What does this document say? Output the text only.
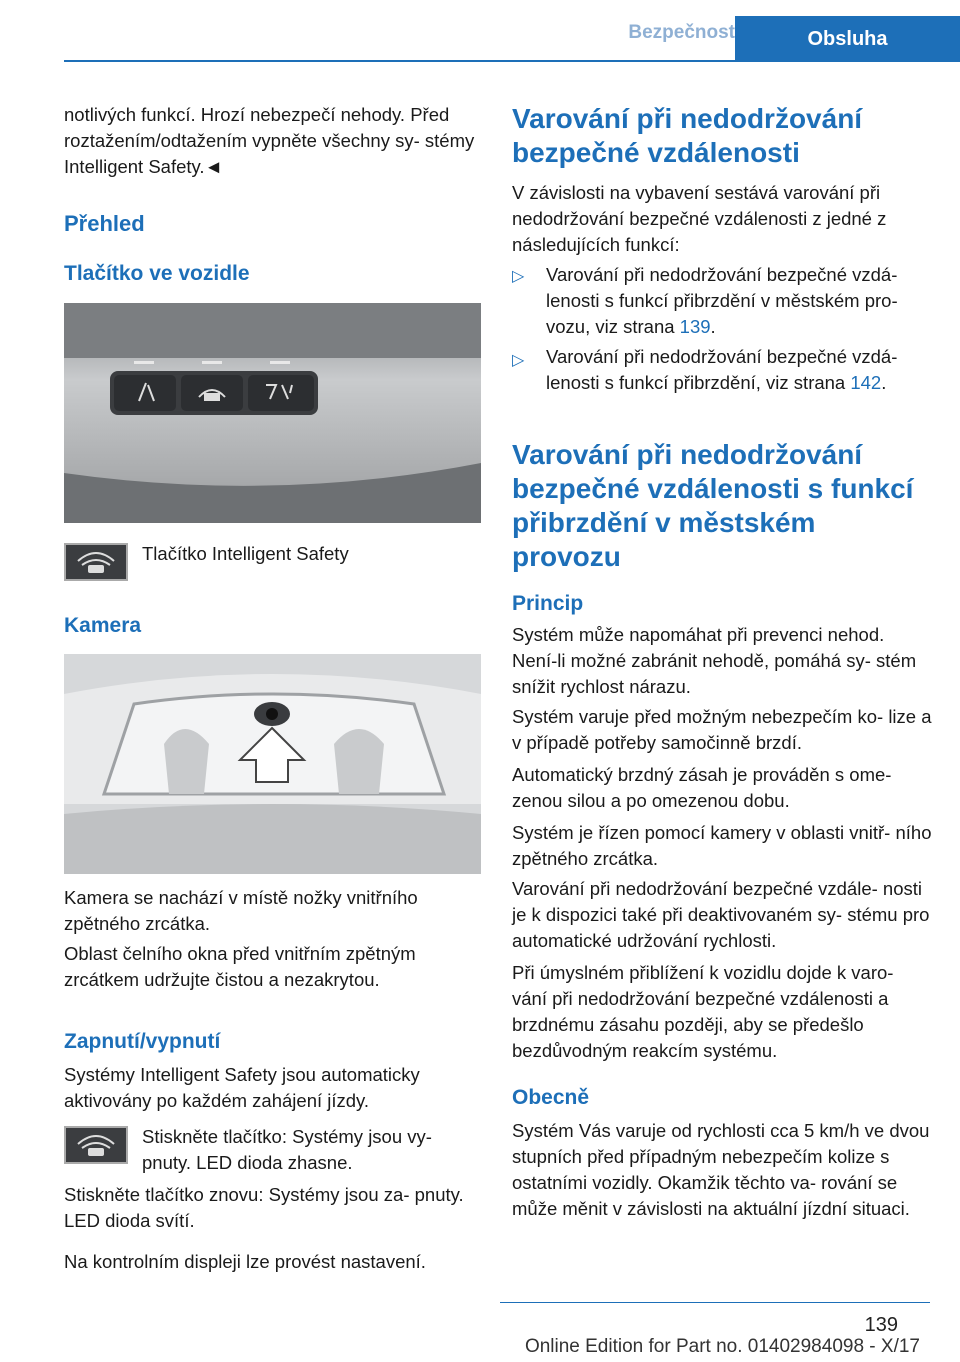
Bezpečnost	Obsluha

notlivých funkcí. Hrozí nebezpečí nehody. Před roztažením/odtažením vypněte všechny sy- stémy Intelligent Safety.◄

Přehled
Tlačítko ve vozidle

Tlačítko Intelligent Safety

Kamera

Kamera se nachází v místě nožky vnitřního zpětného zrcátka.

Oblast čelního okna před vnitřním zpětným zrcátkem udržujte čistou a nezakrytou.

Zapnutí/vypnutí

Systémy Intelligent Safety jsou automaticky aktivovány po každém zahájení jízdy.

Stiskněte tlačítko: Systémy jsou vy- pnuty. LED dioda zhasne.

Stiskněte tlačítko znovu: Systémy jsou za- pnuty. LED dioda svítí.

Na kontrolním displeji lze provést nastavení.

Varování při nedodržování bezpečné vzdálenosti

V závislosti na vybavení sestává varování při nedodržování bezpečné vzdálenosti z jedné z následujících funkcí:

▷ Varování při nedodržování bezpečné vzdá- lenosti s funkcí přibrzdění v městském pro- vozu, viz strana 139.

▷ Varování při nedodržování bezpečné vzdá- lenosti s funkcí přibrzdění, viz strana 142.

Varování při nedodržování bezpečné vzdálenosti s funkcí přibrzdění v městském provozu
Princip

Systém může napomáhat při prevenci nehod. Není-li možné zabránit nehodě, pomáhá sy- stém snížit rychlost nárazu.

Systém varuje před možným nebezpečím ko- lize a v případě potřeby samočinně brzdí.

Automatický brzdný zásah je prováděn s ome- zenou silou a po omezenou dobu.

Systém je řízen pomocí kamery v oblasti vnitř- ního zpětného zrcátka.

Varování při nedodržování bezpečné vzdále- nosti je k dispozici také při deaktivovaném sy- stému pro automatické udržování rychlosti.

Při úmyslném přiblížení k vozidlu dojde k varo- vání při nedodržování bezpečné vzdálenosti a brzdnému zásahu později, aby se předešlo bezdůvodným reakcím systému.

Obecně

Systém Vás varuje od rychlosti cca 5 km/h ve dvou stupních před případným nebezpečím kolize s ostatními vozidly. Okamžik těchto va- rování se může měnit v závislosti na aktuální jízdní situaci.

139
Online Edition for Part no. 01402984098 - X/17
